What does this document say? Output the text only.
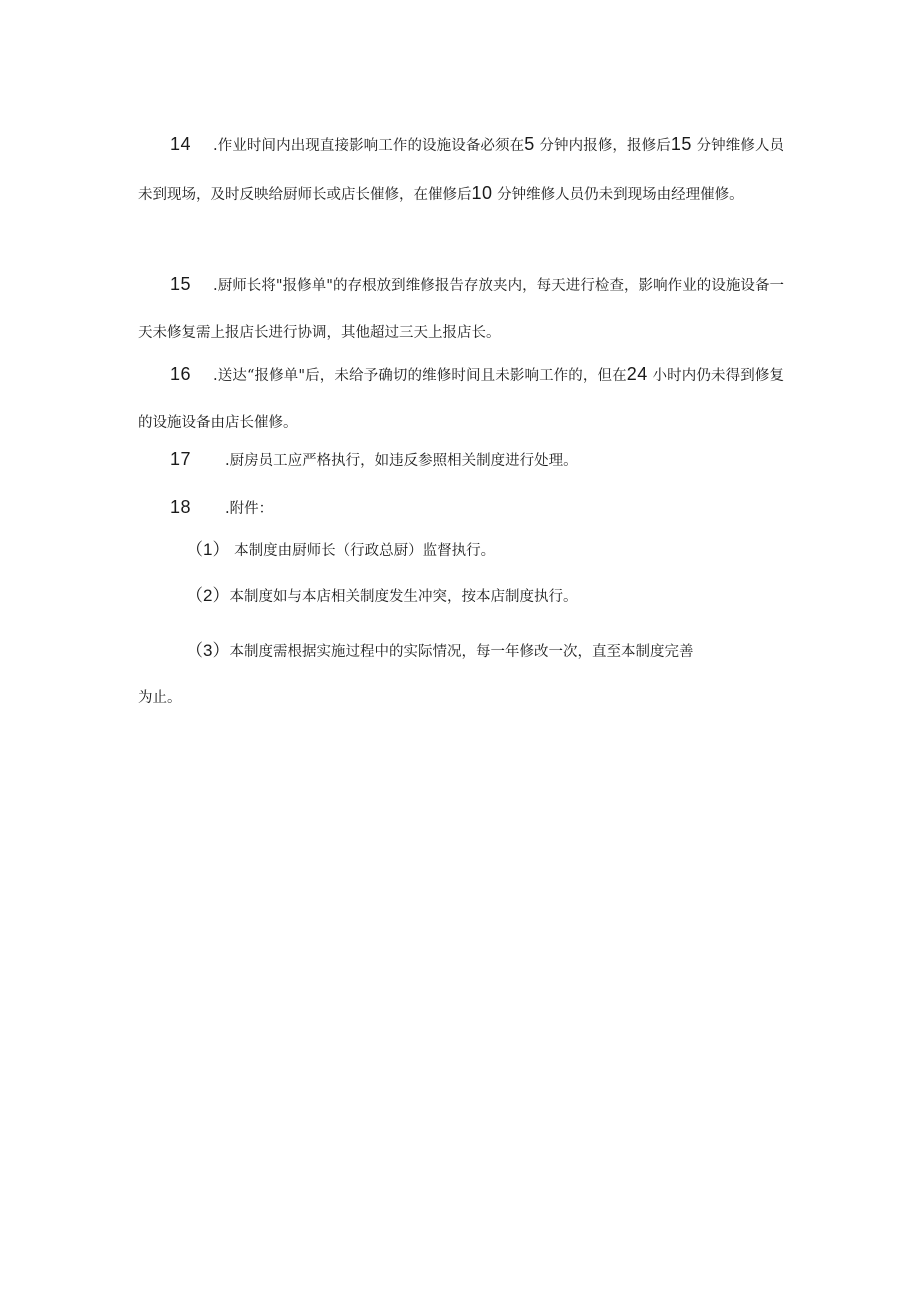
14 .作业时间内出现直接影响工作的设施设备必须在5 分钟内报修，报修后15 分钟维修人员未到现场，及时反映给厨师长或店长催修，在催修后10 分钟维修人员仍未到现场由经理催修。

15 .厨师长将"报修单"的存根放到维修报告存放夹内，每天进行检查，影响作业的设施设备一天未修复需上报店长进行协调，其他超过三天上报店长。

16 .送达“报修单"后，未给予确切的维修时间且未影响工作的，但在24 小时内仍未得到修复的设施设备由店长催修。

17 .厨房员工应严格执行，如违反参照相关制度进行处理。

18 .附件：

（1） 本制度由厨师长（行政总厨）监督执行。

（2）本制度如与本店相关制度发生冲突，按本店制度执行。

（3）本制度需根据实施过程中的实际情况，每一年修改一次，直至本制度完善

为止。
